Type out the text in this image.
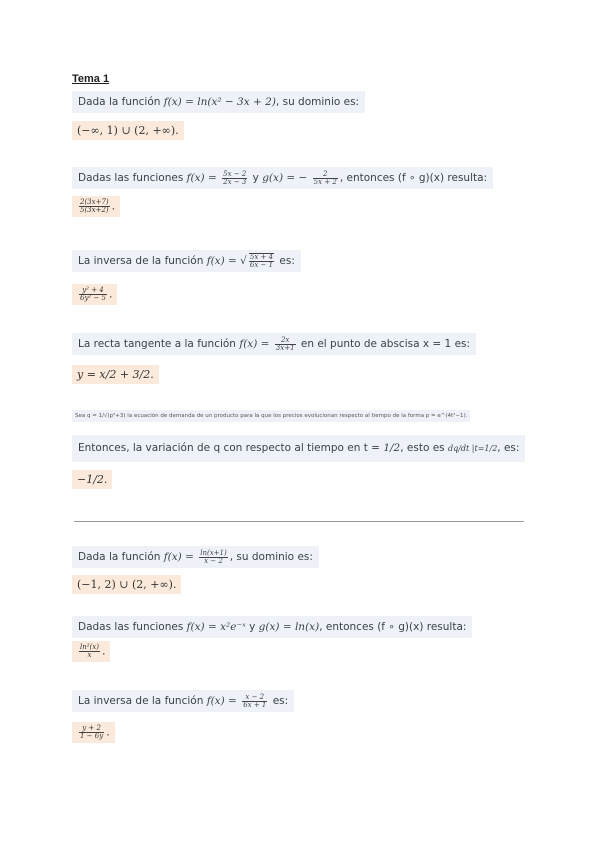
Tema 1
Dada la función f(x) = ln(x² − 3x + 2), su dominio es:
(−∞, 1) ∪ (2, +∞).
Dadas las funciones $f(x) = \frac{5x - 2}{2x - 3}$ y g(x) = − $\frac{2}{5x + 2}$ , entonces (f ∘ g)(x) resulta:
$\frac{2(3x+7)}{5(3x+2)}$ .
La inversa de la función f(x) = √ $\frac{5x + 4}{6x - 1}$ es:
$\frac{\text{y² + 4}}{\text{6y² − 5}}$ .
La recta tangente a la función $f(x) = \frac{2x}{3x+1}$ en el punto de abscisa x = 1 es:
y = x/2 + 3/2.
Sea q = 1/√(p²+3) la ecuación de demanda de un producto para la que los precios evolucionan respecto al tiempo de la forma p = e^(4t²−1).
Entonces, la variación de q con respecto al tiempo en t = 1/2, esto es dq/dt |t=1/2, es:
−1/2.
Dada la función $f(x) = \frac{\ln(x+1)}{x - 2}$ , su dominio es:
(−1, 2) ∪ (2, +∞).
Dadas las funciones f(x) = x²e⁻ˣ y g(x) = ln(x), entonces (f ∘ g)(x) resulta:
$\frac{\text{ln²(x)}}{x}$ .
La inversa de la función $f(x) = \frac{x - 2}{6x + 1}$ es:
$\frac{y + 2}{1 - 6y}$ .
